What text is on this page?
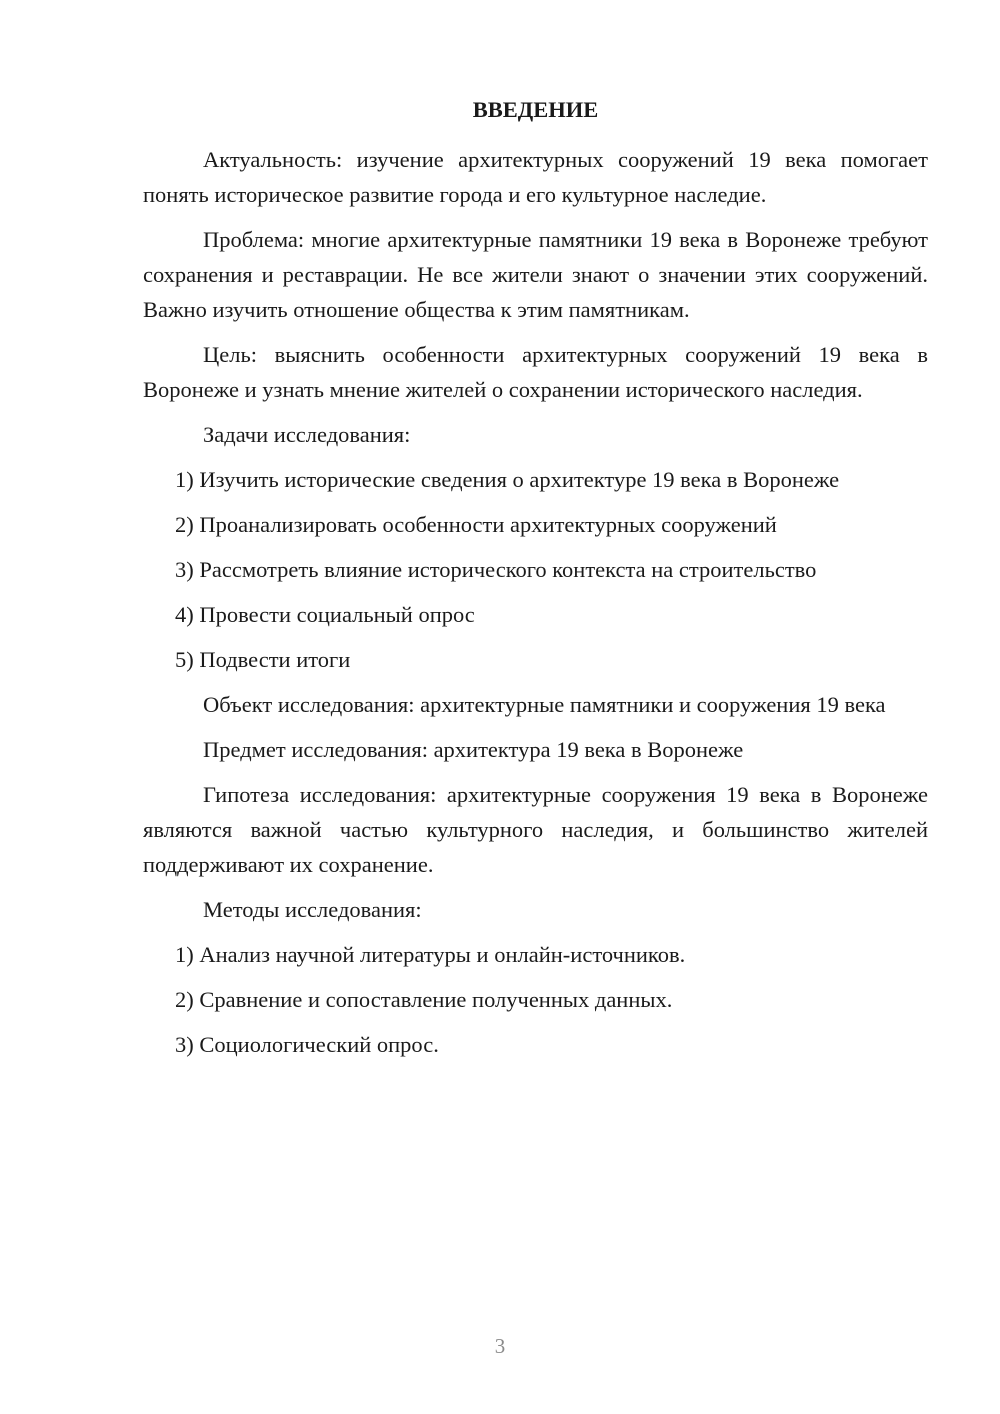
ВВЕДЕНИЕ

Актуальность: изучение архитектурных сооружений 19 века помогает понять историческое развитие города и его культурное наследие.

Проблема: многие архитектурные памятники 19 века в Воронеже требуют сохранения и реставрации. Не все жители знают о значении этих сооружений. Важно изучить отношение общества к этим памятникам.

Цель: выяснить особенности архитектурных сооружений 19 века в Воронеже и узнать мнение жителей о сохранении исторического наследия.

Задачи исследования:

1) Изучить исторические сведения о архитектуре 19 века в Воронеже

2) Проанализировать особенности архитектурных сооружений

3) Рассмотреть влияние исторического контекста на строительство

4) Провести социальный опрос

5) Подвести итоги

Объект исследования: архитектурные памятники и сооружения 19 века

Предмет исследования: архитектура 19 века в Воронеже

Гипотеза исследования: архитектурные сооружения 19 века в Воронеже являются важной частью культурного наследия, и большинство жителей поддерживают их сохранение.

Методы исследования:

1) Анализ научной литературы и онлайн-источников.

2) Сравнение и сопоставление полученных данных.

3) Социологический опрос.

3
